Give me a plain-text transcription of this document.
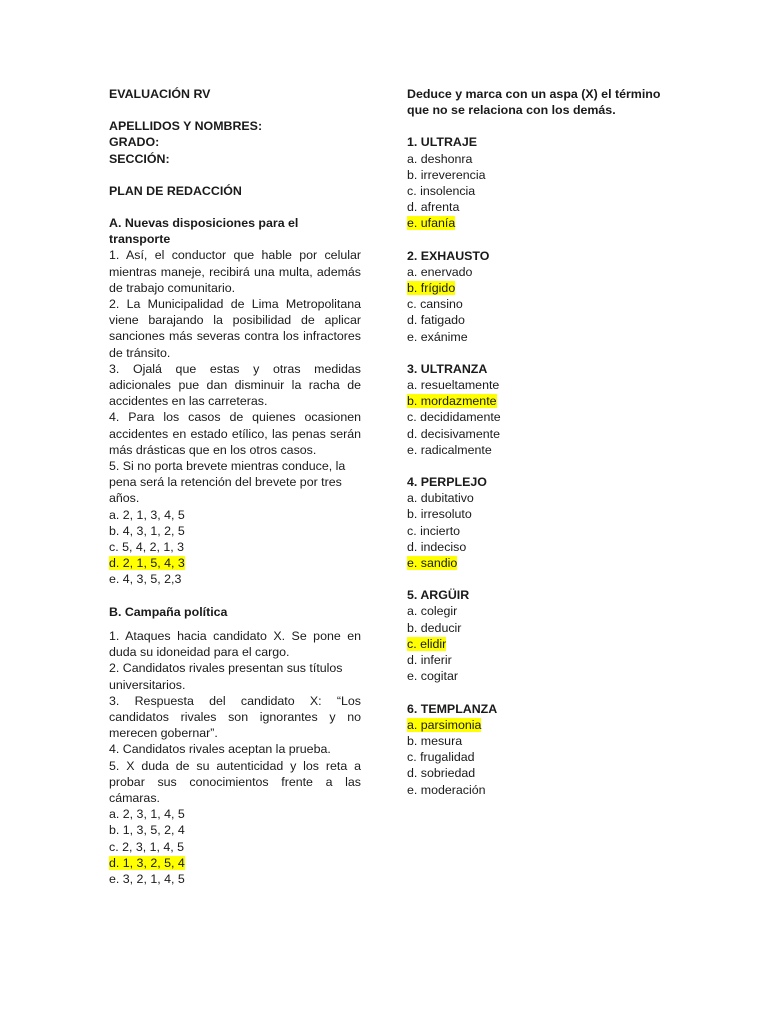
EVALUACIÓN RV

APELLIDOS Y NOMBRES:

GRADO:

SECCIÓN:

PLAN DE REDACCIÓN

A. Nuevas disposiciones para el transporte

1. Así, el conductor que hable por celular mientras maneje, recibirá una multa, además de trabajo comunitario.

2. La Municipalidad de Lima Metropolitana viene barajando la posibilidad de aplicar sanciones más severas contra los infractores de tránsito.

3. Ojalá que estas y otras medidas adicionales pue dan disminuir la racha de accidentes en las carreteras.

4. Para los casos de quienes ocasionen accidentes en estado etílico, las penas serán más drásticas que en los otros casos.

5. Si no porta brevete mientras conduce, la pena será la retención del brevete por tres años.

a. 2, 1, 3, 4, 5
b. 4, 3, 1, 2, 5
c. 5, 4, 2, 1, 3
d. 2, 1, 5, 4, 3
e. 4, 3, 5, 2,3

B. Campaña política

1. Ataques hacia candidato X. Se pone en duda su idoneidad para el cargo.

2. Candidatos rivales presentan sus títulos universitarios.

3. Respuesta del candidato X: “Los candidatos rivales son ignorantes y no merecen gobernar”.

4. Candidatos rivales aceptan la prueba.

5. X duda de su autenticidad y los reta a probar sus conocimientos frente a las cámaras.

a. 2, 3, 1, 4, 5
b. 1, 3, 5, 2, 4
c. 2, 3, 1, 4, 5
d. 1, 3, 2, 5, 4
e. 3, 2, 1, 4, 5

Deduce y marca con un aspa (X) el término

que no se relaciona con los demás.

1. ULTRAJE

a. deshonra
b. irreverencia
c. insolencia
d. afrenta
e. ufanía

2. EXHAUSTO

a. enervado
b. frígido
c. cansino
d. fatigado
e. exánime

3. ULTRANZA

a. resueltamente
b. mordazmente
c. decididamente
d. decisivamente
e. radicalmente

4. PERPLEJO

a. dubitativo
b. irresoluto
c. incierto
d. indeciso
e. sandio

5. ARGÜIR

a. colegir
b. deducir
c. elidir
d. inferir
e. cogitar

6. TEMPLANZA

a. parsimonia
b. mesura
c. frugalidad
d. sobriedad
e. moderación
